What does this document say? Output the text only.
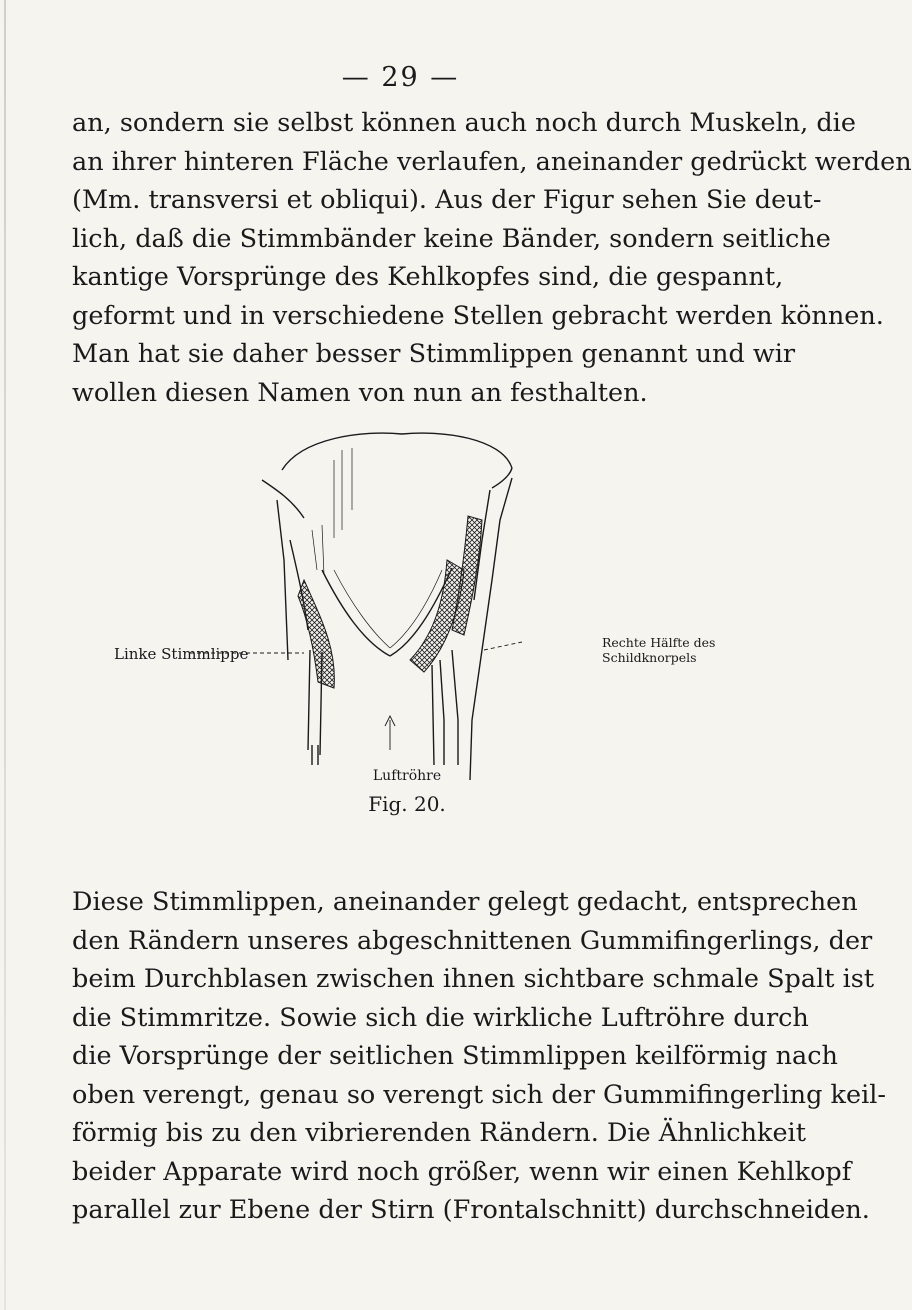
— 29 —
an, sondern sie selbst können auch noch durch Muskeln, die
an ihrer hinteren Fläche verlaufen, aneinander gedrückt werden
(Mm. transversi et obliqui). Aus der Figur sehen Sie deut-
lich, daß die Stimmbänder keine Bänder, sondern seitliche
kantige Vorsprünge des Kehlkopfes sind, die gespannt,
geformt und in verschiedene Stellen gebracht werden können.
Man hat sie daher besser Stimmlippen genannt und wir
wollen diesen Namen von nun an festhalten.
Linke Stimmlippe
Rechte Hälfte des
Schildknorpels
Luftröhre
Fig. 20.
Diese Stimmlippen, aneinander gelegt gedacht, entsprechen
den Rändern unseres abgeschnittenen Gummifingerlings, der
beim Durchblasen zwischen ihnen sichtbare schmale Spalt ist
die Stimmritze. Sowie sich die wirkliche Luftröhre durch
die Vorsprünge der seitlichen Stimmlippen keilförmig nach
oben verengt, genau so verengt sich der Gummifingerling keil-
förmig bis zu den vibrierenden Rändern. Die Ähnlichkeit
beider Apparate wird noch größer, wenn wir einen Kehlkopf
parallel zur Ebene der Stirn (Frontalschnitt) durchschneiden.
